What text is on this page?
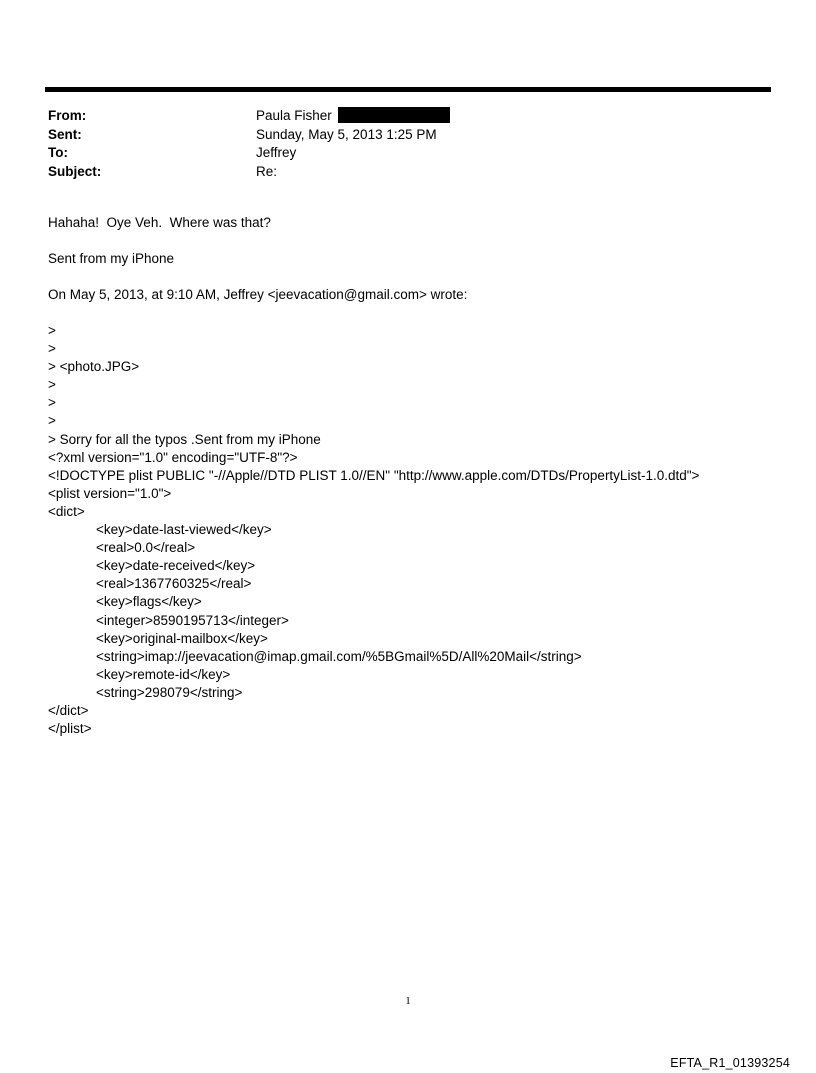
From:	Paula Fisher
Sent:	Sunday, May 5, 2013 1:25 PM
To:	Jeffrey
Subject:	Re:
Hahaha!  Oye Veh.  Where was that?
Sent from my iPhone
On May 5, 2013, at 9:10 AM, Jeffrey <jeevacation@gmail.com> wrote:
>
>
> <photo.JPG>
>
>
>
> Sorry for all the typos .Sent from my iPhone
<?xml version="1.0" encoding="UTF-8"?>
<!DOCTYPE plist PUBLIC "-//Apple//DTD PLIST 1.0//EN" "http://www.apple.com/DTDs/PropertyList-1.0.dtd">
<plist version="1.0">
<dict>
<key>date-last-viewed</key>
<real>0.0</real>
<key>date-received</key>
<real>1367760325</real>
<key>flags</key>
<integer>8590195713</integer>
<key>original-mailbox</key>
<string>imap://jeevacation@imap.gmail.com/%5BGmail%5D/All%20Mail</string>
<key>remote-id</key>
<string>298079</string>
</dict>
</plist>
1
EFTA_R1_01393254
